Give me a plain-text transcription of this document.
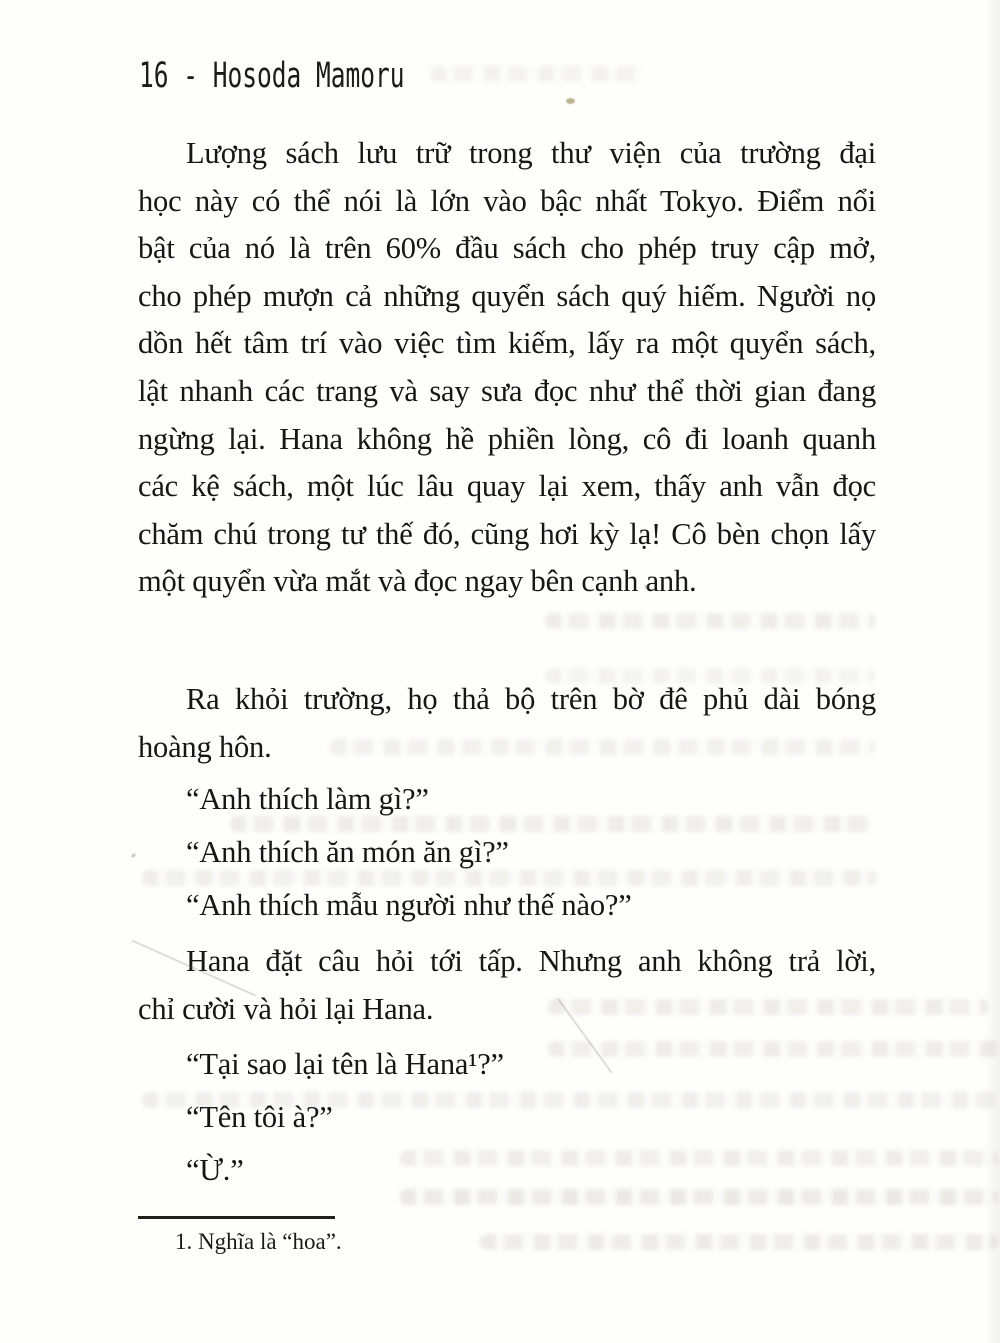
16 - Hosoda Mamoru
Lượng sách lưu trữ trong thư viện của trường đại
học này có thể nói là lớn vào bậc nhất Tokyo. Điểm nổi
bật của nó là trên 60% đầu sách cho phép truy cập mở,
cho phép mượn cả những quyển sách quý hiếm. Người nọ
dồn hết tâm trí vào việc tìm kiếm, lấy ra một quyển sách,
lật nhanh các trang và say sưa đọc như thể thời gian đang
ngừng lại. Hana không hề phiền lòng, cô đi loanh quanh
các kệ sách, một lúc lâu quay lại xem, thấy anh vẫn đọc
chăm chú trong tư thế đó, cũng hơi kỳ lạ! Cô bèn chọn lấy
một quyển vừa mắt và đọc ngay bên cạnh anh.
Ra khỏi trường, họ thả bộ trên bờ đê phủ dài bóng
hoàng hôn.
“Anh thích làm gì?”
“Anh thích ăn món ăn gì?”
“Anh thích mẫu người như thế nào?”
Hana đặt câu hỏi tới tấp. Nhưng anh không trả lời,
chỉ cười và hỏi lại Hana.
“Tại sao lại tên là Hana¹?”
“Tên tôi à?”
“Ừ.”
1. Nghĩa là “hoa”.
